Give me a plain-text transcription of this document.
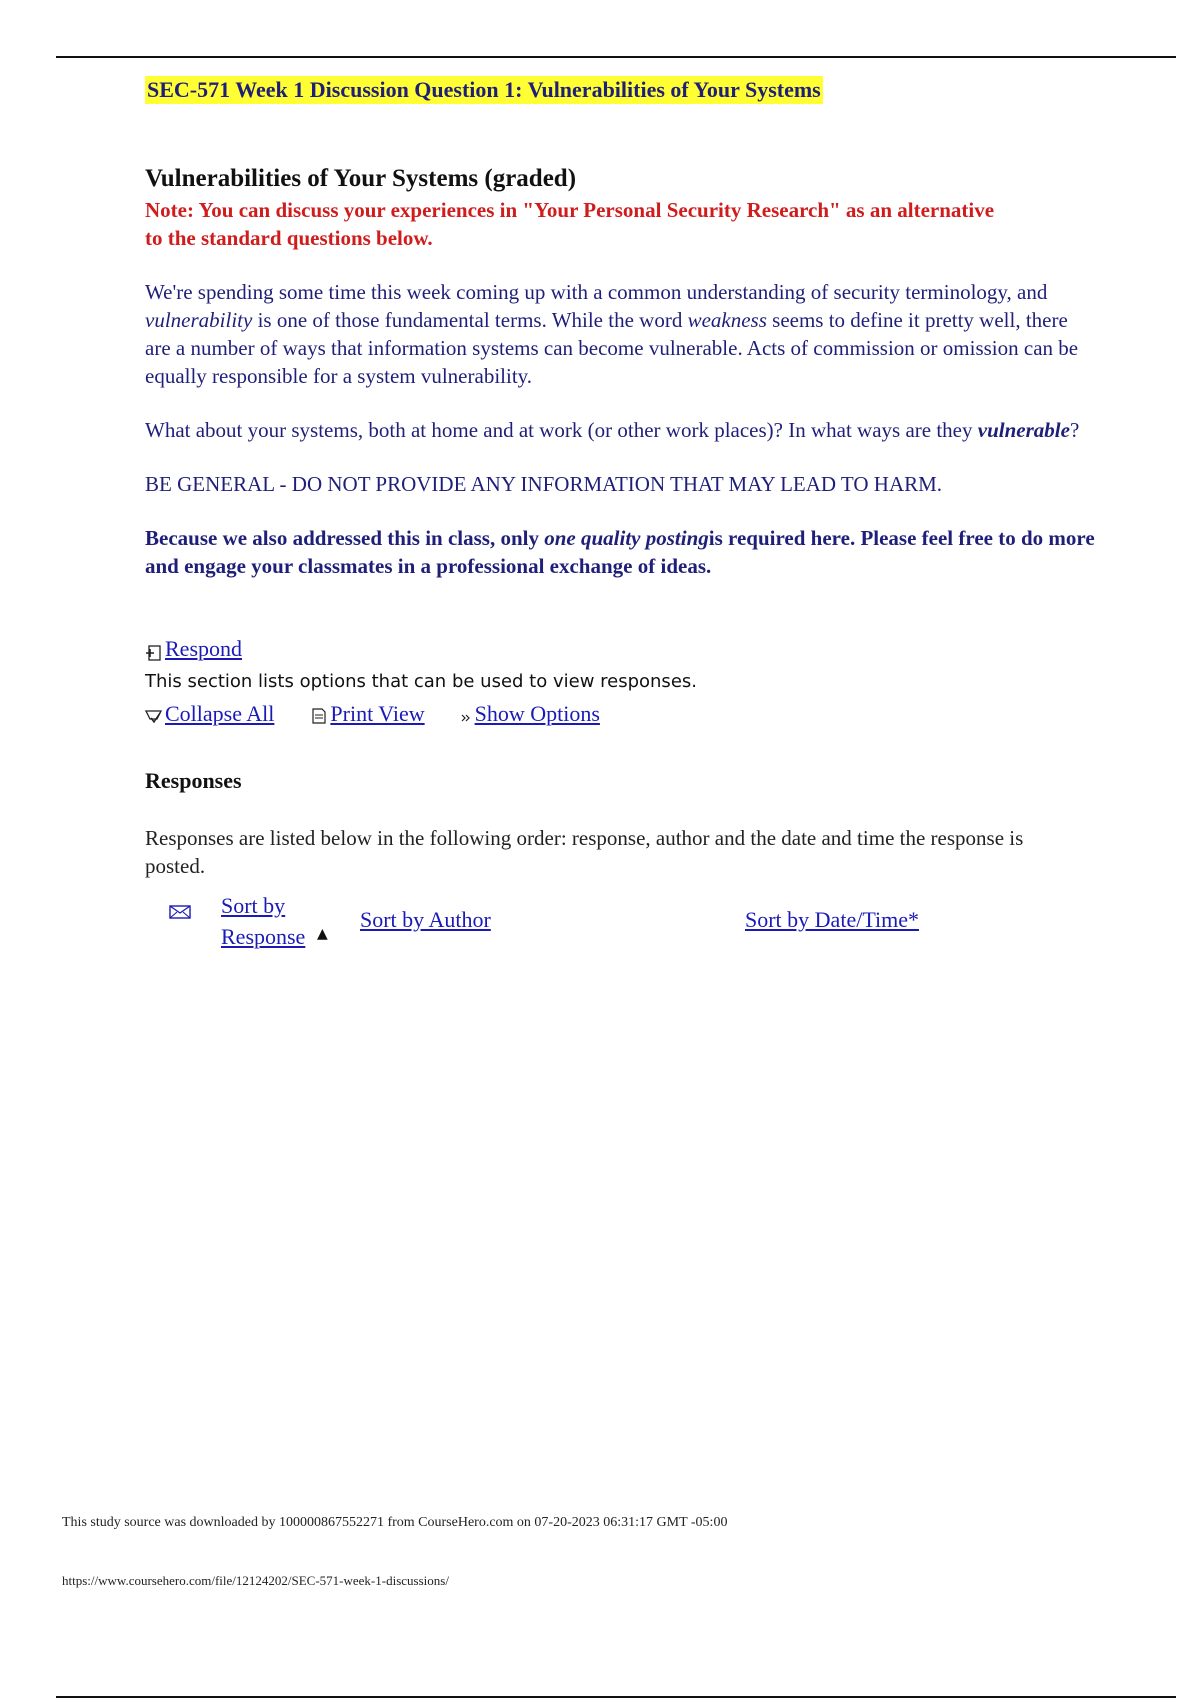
SEC-571 Week 1 Discussion Question 1: Vulnerabilities of Your Systems
Vulnerabilities of Your Systems (graded)
Note: You can discuss your experiences in "Your Personal Security Research" as an alternative to the standard questions below.

We're spending some time this week coming up with a common understanding of security terminology, and vulnerability is one of those fundamental terms. While the word weakness seems to define it pretty well, there are a number of ways that information systems can become vulnerable. Acts of commission or omission can be equally responsible for a system vulnerability.

What about your systems, both at home and at work (or other work places)? In what ways are they vulnerable?

BE GENERAL - DO NOT PROVIDE ANY INFORMATION THAT MAY LEAD TO HARM.

Because we also addressed this in class, only one quality postingis required here. Please feel free to do more and engage your classmates in a professional exchange of ideas.

Respond
This section lists options that can be used to view responses.
Collapse All	Print View Show Options
Responses

Responses are listed below in the following order: response, author and the date and time the response is posted.

Sort by
Response ▲
Sort by Author	Sort by Date/Time*
This study source was downloaded by 100000867552271 from CourseHero.com on 07-20-2023 06:31:17 GMT -05:00
https://www.coursehero.com/file/12124202/SEC-571-week-1-discussions/
